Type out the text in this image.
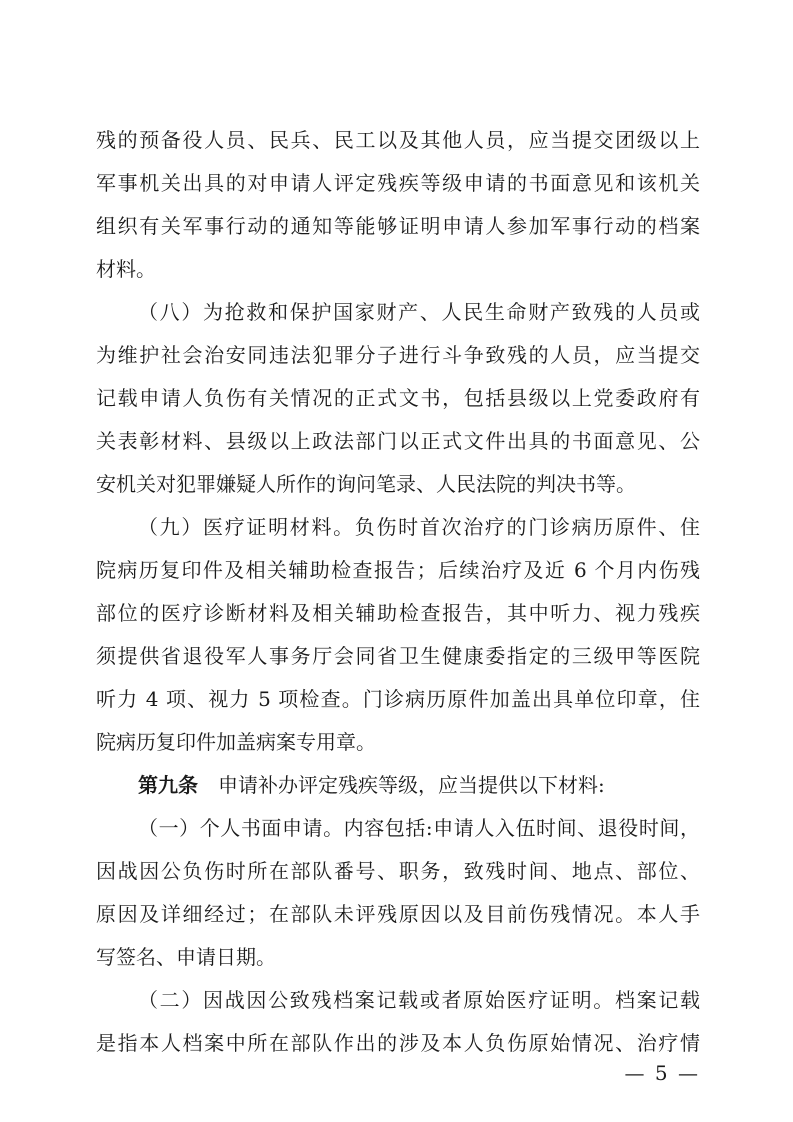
残的预备役人员、民兵、民工以及其他人员，应当提交团级以上
军事机关出具的对申请人评定残疾等级申请的书面意见和该机关
组织有关军事行动的通知等能够证明申请人参加军事行动的档案
材料。
（八）为抢救和保护国家财产、人民生命财产致残的人员或
为维护社会治安同违法犯罪分子进行斗争致残的人员，应当提交
记载申请人负伤有关情况的正式文书，包括县级以上党委政府有
关表彰材料、县级以上政法部门以正式文件出具的书面意见、公
安机关对犯罪嫌疑人所作的询问笔录、人民法院的判决书等。
（九）医疗证明材料。负伤时首次治疗的门诊病历原件、住
院病历复印件及相关辅助检查报告；后续治疗及近 6 个月内伤残
部位的医疗诊断材料及相关辅助检查报告，其中听力、视力残疾
须提供省退役军人事务厅会同省卫生健康委指定的三级甲等医院
听力 4 项、视力 5 项检查。门诊病历原件加盖出具单位印章，住
院病历复印件加盖病案专用章。
第九条 申请补办评定残疾等级，应当提供以下材料:
（一）个人书面申请。内容包括:申请人入伍时间、退役时间，
因战因公负伤时所在部队番号、职务，致残时间、地点、部位、
原因及详细经过；在部队未评残原因以及目前伤残情况。本人手
写签名、申请日期。
（二）因战因公致残档案记载或者原始医疗证明。档案记载
是指本人档案中所在部队作出的涉及本人负伤原始情况、治疗情
— 5 —
